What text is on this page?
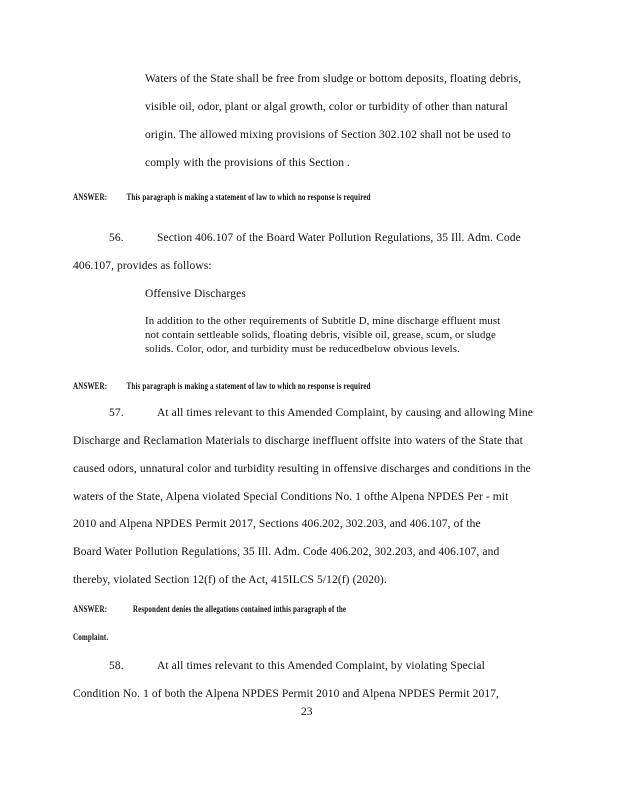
Waters of the State shall be free from sludge or bottom deposits, floating debris,
visible oil, odor, plant or algal growth, color or turbidity of other than natural
origin. The allowed mixing provisions of Section 302.102 shall not be used to
comply with the provisions of this Section .
ANSWER: This paragraph is making a statement of law to which no response is required
56.	Section 406.107 of the Board Water Pollution Regulations, 35 Ill. Adm. Code
406.107, provides as follows:
Offensive Discharges
In addition to the other requirements of Subtitle D, mine discharge effluent must
not contain settleable solids, floating debris, visible oil, grease, scum, or sludge
solids. Color, odor, and turbidity must be reducedbelow obvious levels.
ANSWER: This paragraph is making a statement of law to which no response is required
57.	At all times relevant to this Amended Complaint, by causing and allowing Mine
Discharge and Reclamation Materials to discharge ineffluent offsite into waters of the State that
caused odors, unnatural color and turbidity resulting in offensive discharges and conditions in the
waters of the State, Alpena violated Special Conditions No. 1 ofthe Alpena NPDES Per - mit
2010 and Alpena NPDES Permit 2017, Sections 406.202, 302.203, and 406.107, of the
Board Water Pollution Regulations, 35 Ill. Adm. Code 406.202, 302.203, and 406.107, and
thereby, violated Section 12(f) of the Act, 415ILCS 5/12(f) (2020).
ANSWER:	Respondent denies the allegations contained inthis paragraph of the
Complaint.
58.	At all times relevant to this Amended Complaint, by violating Special
Condition No. 1 of both the Alpena NPDES Permit 2010 and Alpena NPDES Permit 2017,
23
